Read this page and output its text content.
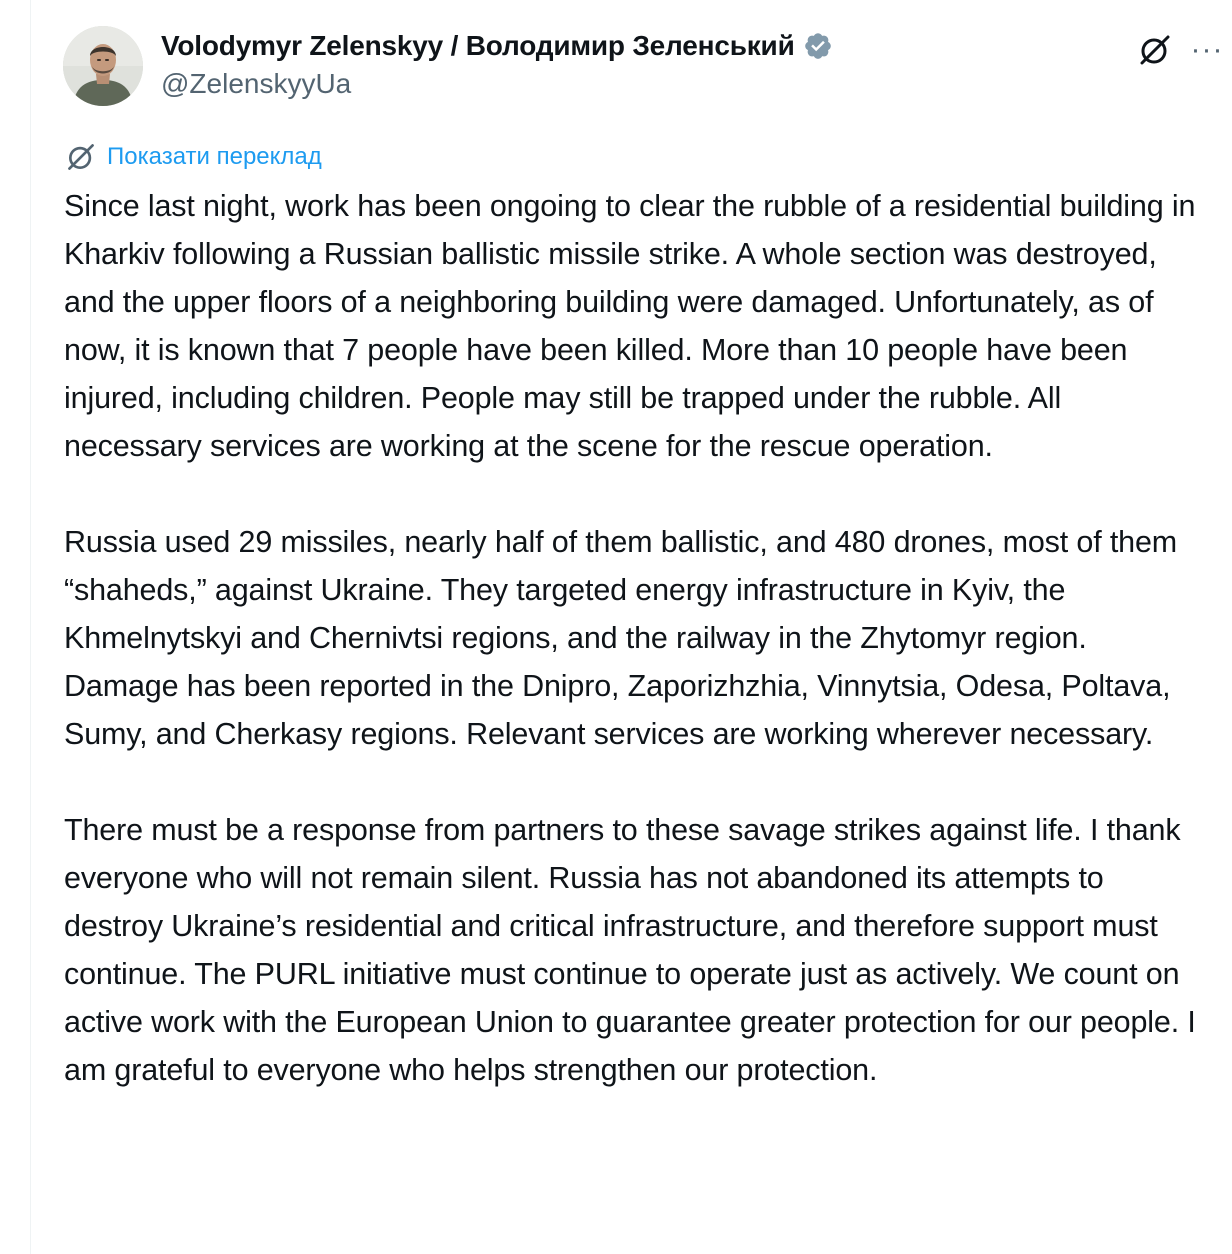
Volodymyr Zelenskyy / Володимир Зеленський
@ZelenskyyUa
···
Показати переклад

Since last night, work has been ongoing to clear the rubble of a residential building in Kharkiv following a Russian ballistic missile strike. A whole section was destroyed, and the upper floors of a neighboring building were damaged. Unfortunately, as of now, it is known that 7 people have been killed. More than 10 people have been injured, including children. People may still be trapped under the rubble. All necessary services are working at the scene for the rescue operation.

Russia used 29 missiles, nearly half of them ballistic, and 480 drones, most of them “shaheds,” against Ukraine. They targeted energy infrastructure in Kyiv, the Khmelnytskyi and Chernivtsi regions, and the railway in the Zhytomyr region. Damage has been reported in the Dnipro, Zaporizhzhia, Vinnytsia, Odesa, Poltava, Sumy, and Cherkasy regions. Relevant services are working wherever necessary.

There must be a response from partners to these savage strikes against life. I thank everyone who will not remain silent. Russia has not abandoned its attempts to destroy Ukraine’s residential and critical infrastructure, and therefore support must continue. The PURL initiative must continue to operate just as actively. We count on active work with the European Union to guarantee greater protection for our people. I am grateful to everyone who helps strengthen our protection.
